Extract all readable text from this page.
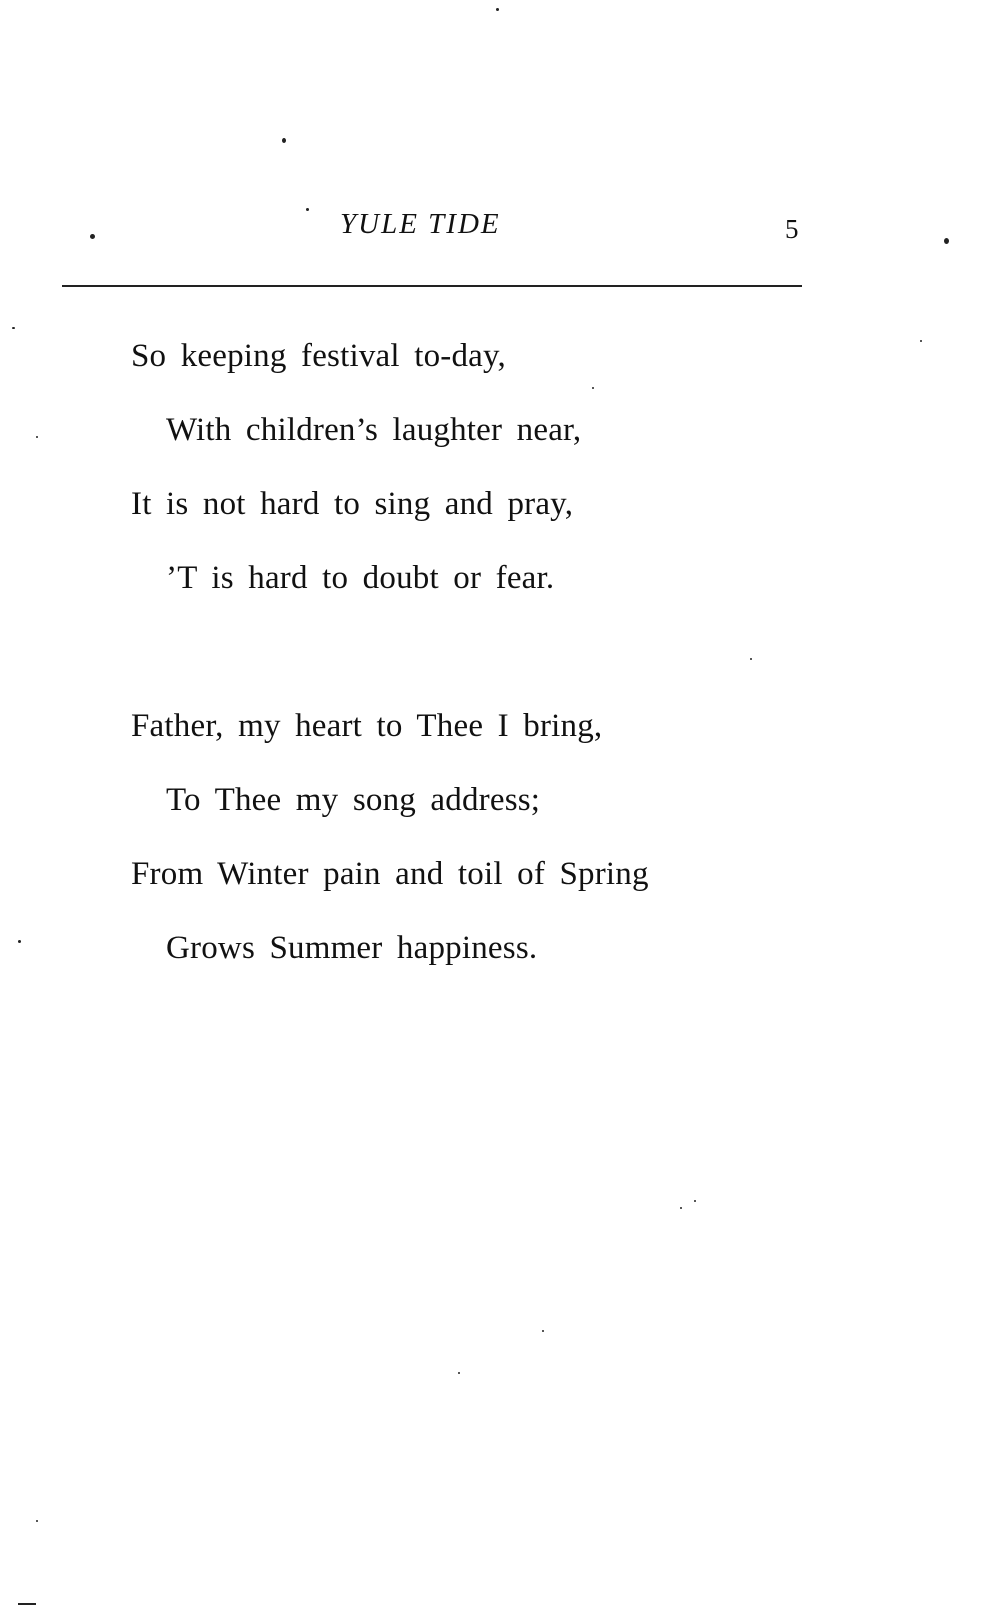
YULE TIDE	5
So keeping festival to-day,
With children’s laughter near,
It is not hard to sing and pray,
’T is hard to doubt or fear.
Father, my heart to Thee I bring,
To Thee my song address;
From Winter pain and toil of Spring
Grows Summer happiness.
